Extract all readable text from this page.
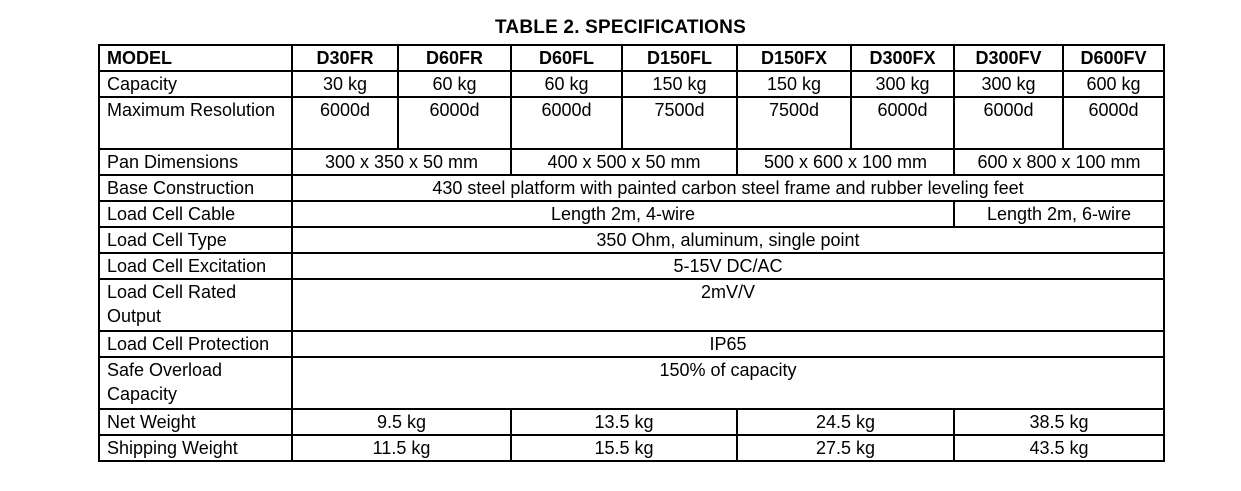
TABLE 2. SPECIFICATIONS
MODEL	D30FR	D60FR	D60FL	D150FL	D150FX	D300FX	D300FV	D600FV
Capacity	30 kg	60 kg	60 kg	150 kg	150 kg	300 kg	300 kg	600 kg
Maximum Resolution	6000d	6000d	6000d	7500d	7500d	6000d	6000d	6000d
Pan Dimensions	300 x 350 x 50 mm		400 x 500 x 50 mm		500 x 600 x 100 mm		600 x 800 x 100 mm	
Base Construction	430 steel platform with painted carbon steel frame and rubber leveling feet							
Load Cell Cable	Length 2m, 4-wire						Length 2m, 6-wire	
Load Cell Type	350 Ohm, aluminum, single point							
Load Cell Excitation	5-15V DC/AC							
Load Cell Rated Output	2mV/V							
Load Cell Protection	IP65							
Safe Overload Capacity	150% of capacity							
Net Weight	9.5 kg		13.5 kg		24.5 kg		38.5 kg	
Shipping Weight	11.5 kg		15.5 kg		27.5 kg		43.5 kg	
